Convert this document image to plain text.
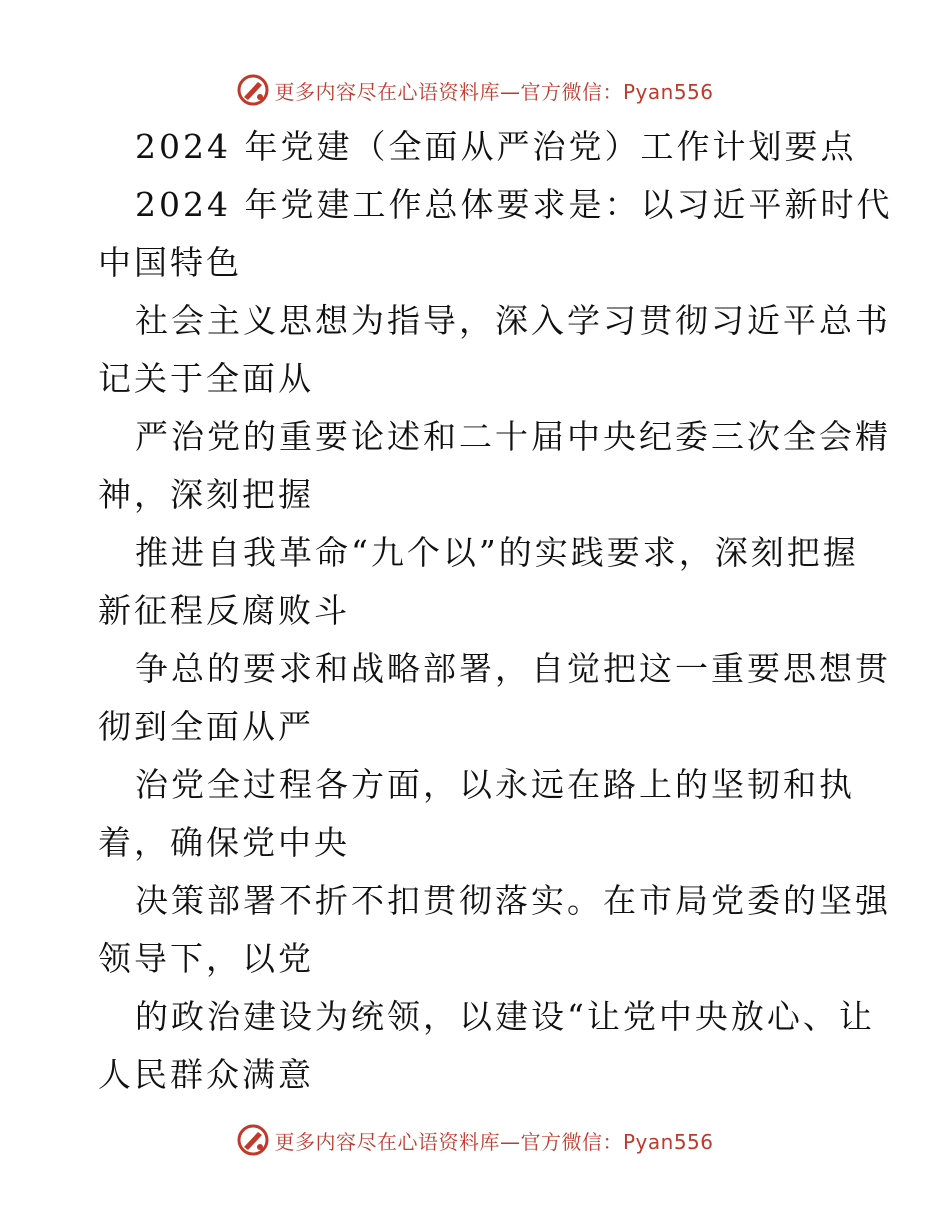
更多内容尽在心语资料库—官方微信：Pyan556
2024 年党建（全面从严治党）工作计划要点
2024 年党建工作总体要求是：以习近平新时代
中国特色
社会主义思想为指导，深入学习贯彻习近平总书
记关于全面从
严治党的重要论述和二十届中央纪委三次全会精
神，深刻把握
推进自我革命“九个以”的实践要求，深刻把握
新征程反腐败斗
争总的要求和战略部署，自觉把这一重要思想贯
彻到全面从严
治党全过程各方面，以永远在路上的坚韧和执
着，确保党中央
决策部署不折不扣贯彻落实。在市局党委的坚强
领导下，以党
的政治建设为统领，以建设“让党中央放心、让
人民群众满意
更多内容尽在心语资料库—官方微信：Pyan556
